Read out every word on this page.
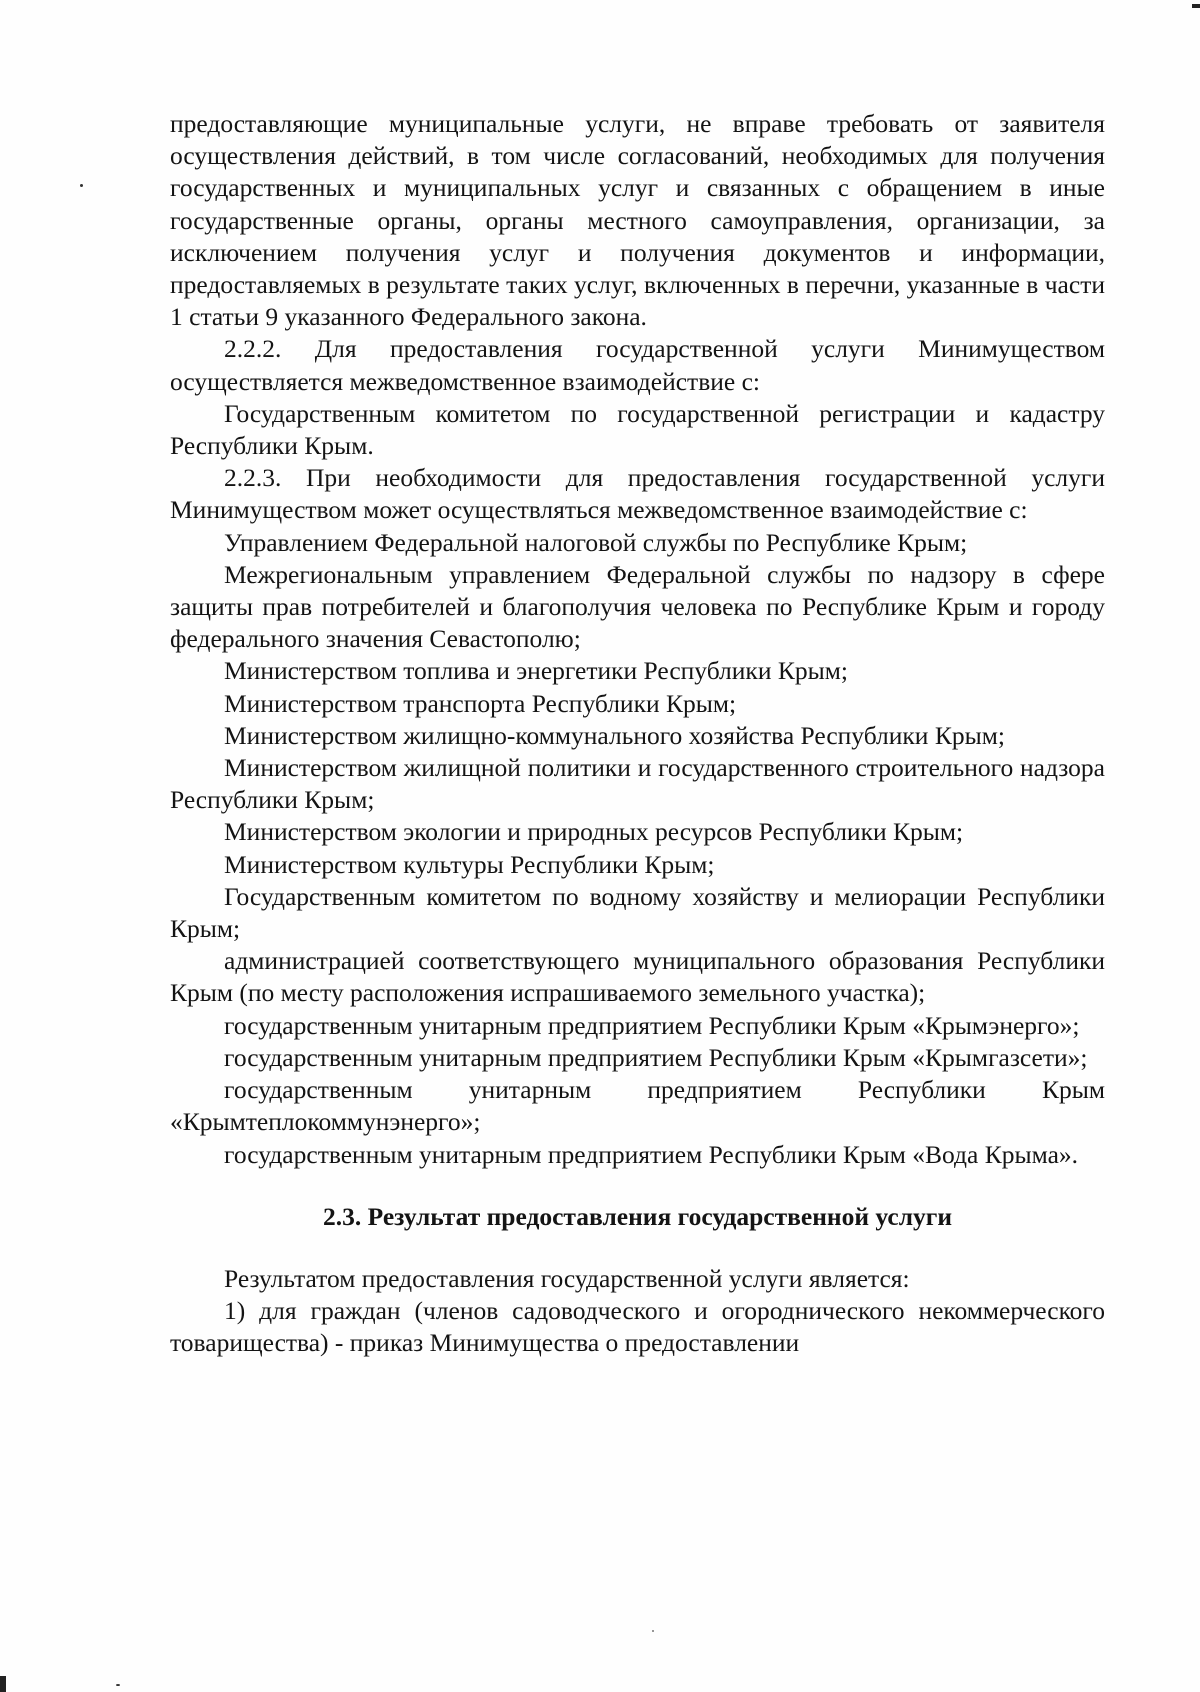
предоставляющие муниципальные услуги, не вправе требовать от заявителя осуществления действий, в том числе согласований, необходимых для получения государственных и муниципальных услуг и связанных с обращением в иные государственные органы, органы местного самоуправления, организации, за исключением получения услуг и получения документов и информации, предоставляемых в результате таких услуг, включенных в перечни, указанные в части 1 статьи 9 указанного Федерального закона.

2.2.2. Для предоставления государственной услуги Минимуществом осуществляется межведомственное взаимодействие с:

Государственным комитетом по государственной регистрации и кадастру Республики Крым.

2.2.3. При необходимости для предоставления государственной услуги Минимуществом может осуществляться межведомственное взаимодействие с:

Управлением Федеральной налоговой службы по Республике Крым;

Межрегиональным управлением Федеральной службы по надзору в сфере защиты прав потребителей и благополучия человека по Республике Крым и городу федерального значения Севастополю;

Министерством топлива и энергетики Республики Крым;

Министерством транспорта Республики Крым;

Министерством жилищно-коммунального хозяйства Республики Крым;

Министерством жилищной политики и государственного строительного надзора Республики Крым;

Министерством экологии и природных ресурсов Республики Крым;

Министерством культуры Республики Крым;

Государственным комитетом по водному хозяйству и мелиорации Республики Крым;

администрацией соответствующего муниципального образования Республики Крым (по месту расположения испрашиваемого земельного участка);

государственным унитарным предприятием Республики Крым «Крымэнерго»;

государственным унитарным предприятием Республики Крым «Крымгазсети»;

государственным унитарным предприятием Республики Крым «Крымтеплокоммунэнерго»;

государственным унитарным предприятием Республики Крым «Вода Крыма».

2.3. Результат предоставления государственной услуги

Результатом предоставления государственной услуги является:

1) для граждан (членов садоводческого и огороднического некоммерческого товарищества) - приказ Минимущества о предоставлении
